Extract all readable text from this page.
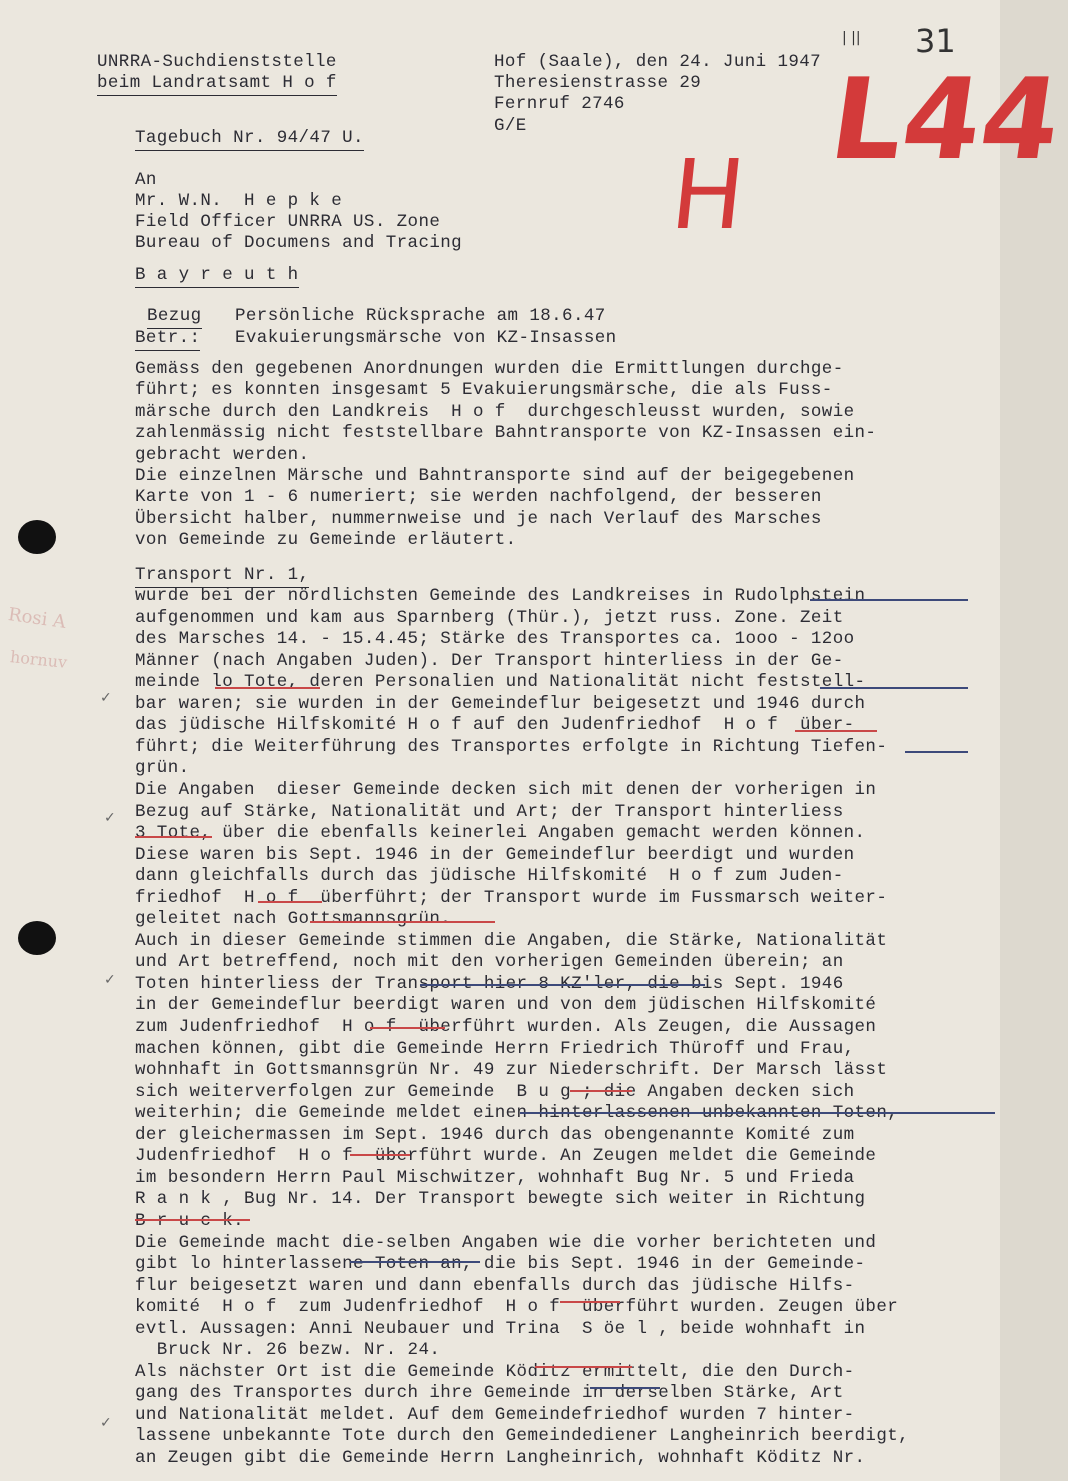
UNRRA-Suchdienststelle
beim Landratsamt H o f
Hof (Saale), den 24. Juni 1947
Theresienstrasse 29
Fernruf 2746
G/E
Tagebuch Nr. 94/47 U.
31
| ||
L44
H
An
Mr. W.N.  H e p k e
Field Officer UNRRA US. Zone
Bureau of Documens and Tracing
B a y r e u t h
Bezug Persönliche Rücksprache am 18.6.47
Betr.: Evakuierungsmärsche von KZ-Insassen
Gemäss den gegebenen Anordnungen wurden die Ermittlungen durchge-
führt; es konnten insgesamt 5 Evakuierungsmärsche, die als Fuss-
märsche durch den Landkreis  H o f  durchgeschleusst wurden, sowie
zahlenmässig nicht feststellbare Bahntransporte von KZ-Insassen ein-
gebracht werden.
Die einzelnen Märsche und Bahntransporte sind auf der beigegebenen
Karte von 1 - 6 numeriert; sie werden nachfolgend, der besseren
Übersicht halber, nummernweise und je nach Verlauf des Marsches
von Gemeinde zu Gemeinde erläutert.
Transport Nr. 1,
wurde bei der nördlichsten Gemeinde des Landkreises in Rudolphstein
aufgenommen und kam aus Sparnberg (Thür.), jetzt russ. Zone. Zeit
des Marsches 14. - 15.4.45; Stärke des Transportes ca. 1ooo - 12oo
Männer (nach Angaben Juden). Der Transport hinterliess in der Ge-
meinde lo Tote, deren Personalien und Nationalität nicht feststell-
bar waren; sie wurden in der Gemeindeflur beigesetzt und 1946 durch
das jüdische Hilfskomité H o f auf den Judenfriedhof  H o f  über-
führt; die Weiterführung des Transportes erfolgte in Richtung Tiefen-
grün.
Die Angaben  dieser Gemeinde decken sich mit denen der vorherigen in
Bezug auf Stärke, Nationalität und Art; der Transport hinterliess
3 Tote, über die ebenfalls keinerlei Angaben gemacht werden können.
Diese waren bis Sept. 1946 in der Gemeindeflur beerdigt und wurden
dann gleichfalls durch das jüdische Hilfskomité  H o f zum Juden-
friedhof  H o f  überführt; der Transport wurde im Fussmarsch weiter-
geleitet nach Gottsmannsgrün.
Auch in dieser Gemeinde stimmen die Angaben, die Stärke, Nationalität
und Art betreffend, noch mit den vorherigen Gemeinden überein; an
Toten hinterliess der Transport hier 8 KZ'ler, die bis Sept. 1946
in der Gemeindeflur beerdigt waren und von dem jüdischen Hilfskomité
zum Judenfriedhof  H o f  überführt wurden. Als Zeugen, die Aussagen
machen können, gibt die Gemeinde Herrn Friedrich Thüroff und Frau,
wohnhaft in Gottsmannsgrün Nr. 49 zur Niederschrift. Der Marsch lässt
sich weiterverfolgen zur Gemeinde  B u g ; die Angaben decken sich
weiterhin; die Gemeinde meldet einen hinterlassenen unbekannten Toten,
der gleichermassen im Sept. 1946 durch das obengenannte Komité zum
Judenfriedhof  H o f  überführt wurde. An Zeugen meldet die Gemeinde
im besondern Herrn Paul Mischwitzer, wohnhaft Bug Nr. 5 und Frieda
R a n k , Bug Nr. 14. Der Transport bewegte sich weiter in Richtung
B r u c k.
Die Gemeinde macht die-selben Angaben wie die vorher berichteten und
gibt lo hinterlassene Toten an, die bis Sept. 1946 in der Gemeinde-
flur beigesetzt waren und dann ebenfalls durch das jüdische Hilfs-
komité  H o f  zum Judenfriedhof  H o f  überführt wurden. Zeugen über
evtl. Aussagen: Anni Neubauer und Trina  S öe l , beide wohnhaft in
Bruck Nr. 26 bezw. Nr. 24.
Als nächster Ort ist die Gemeinde Köditz ermittelt, die den Durch-
gang des Transportes durch ihre Gemeinde in derselben Stärke, Art
und Nationalität meldet. Auf dem Gemeindefriedhof wurden 7 hinter-
lassene unbekannte Tote durch den Gemeindediener Langheinrich beerdigt,
an Zeugen gibt die Gemeinde Herrn Langheinrich, wohnhaft Köditz Nr.
Rosi A
hornuv
✓
✓
✓
✓
